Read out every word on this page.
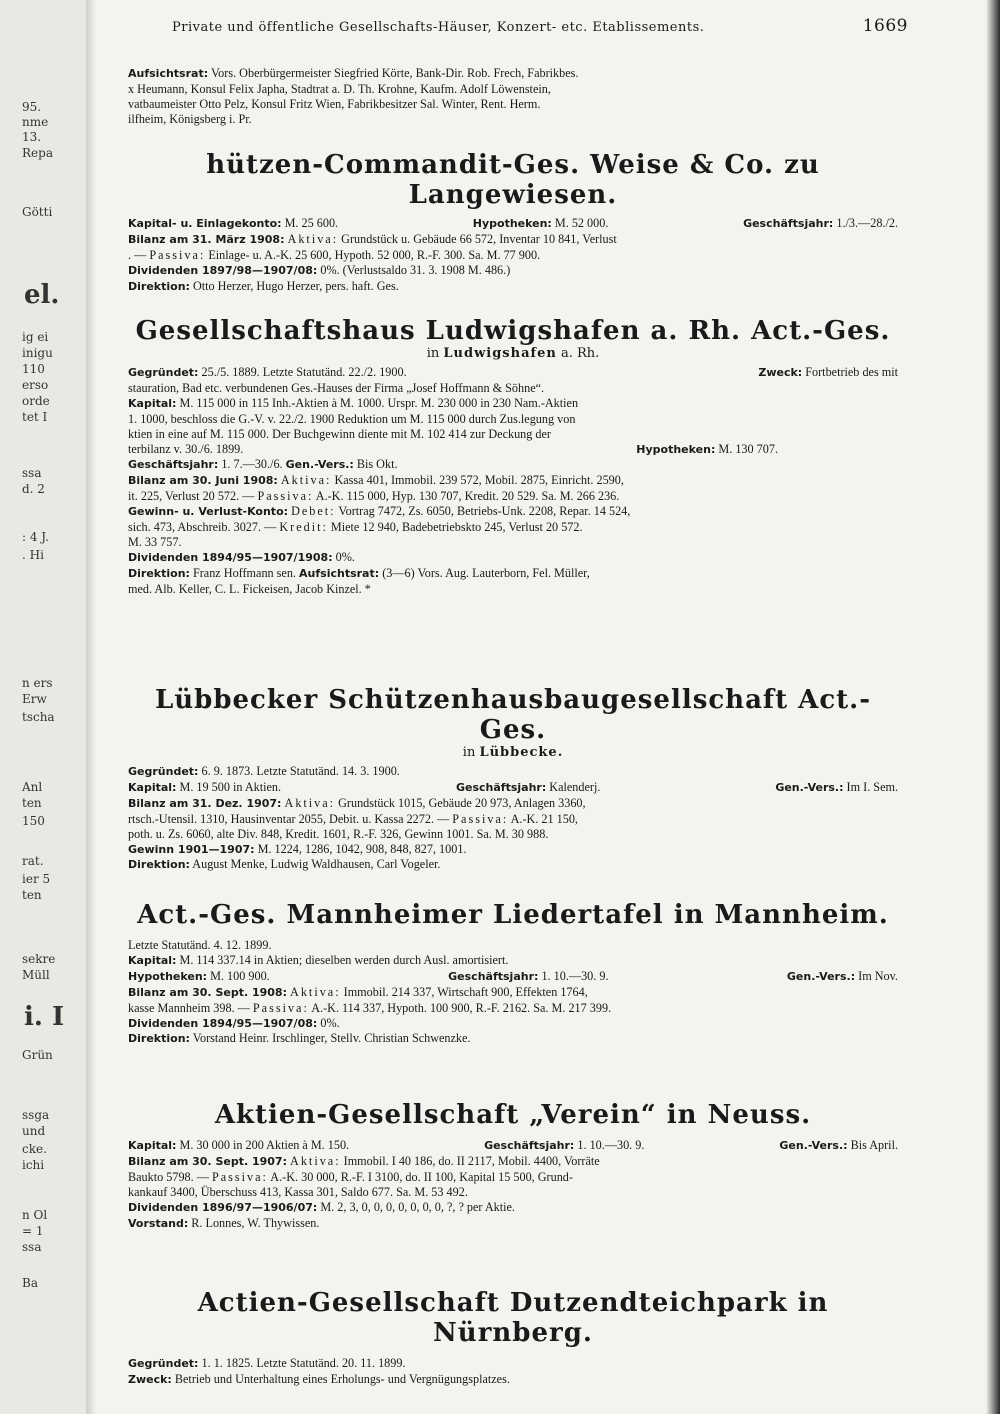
95.
nme
13.
Repa
Götti
el.
ig ei
inigu
110
erso
orde
tet I
ssa
d. 2
: 4 J.
. Hi
n ers
Erw
tscha
Anl
ten
150
rat.
ier 5
ten
sekre
Müll
i. I
Grün
ssga
und
cke.
ichi
n Ol
= 1
ssa
Ba
Private und öffentliche Gesellschafts-Häuser, Konzert- etc. Etablissements.	1669
Aufsichtsrat: Vors. Oberbürgermeister Siegfried Körte, Bank-Dir. Rob. Frech, Fabrikbes.
x Heumann, Konsul Felix Japha, Stadtrat a. D. Th. Krohne, Kaufm. Adolf Löwenstein,
vatbaumeister Otto Pelz, Konsul Fritz Wien, Fabrikbesitzer Sal. Winter, Rent. Herm.
ilfheim, Königsberg i. Pr.
hützen-Commandit-Ges. Weise & Co. zu Langewiesen.
Kapital- u. Einlagekonto: M. 25 600.	Hypotheken: M. 52 000.	Geschäftsjahr: 1./3.—28./2.
Bilanz am 31. März 1908: Aktiva: Grundstück u. Gebäude 66 572, Inventar 10 841, Verlust
. — Passiva: Einlage- u. A.-K. 25 600, Hypoth. 52 000, R.-F. 300. Sa. M. 77 900.
Dividenden 1897/98—1907/08: 0%. (Verlustsaldo 31. 3. 1908 M. 486.)
Direktion: Otto Herzer, Hugo Herzer, pers. haft. Ges.
Gesellschaftshaus Ludwigshafen a. Rh. Act.-Ges.
in Ludwigshafen a. Rh.
Gegründet: 25./5. 1889. Letzte Statutänd. 22./2. 1900.	Zweck: Fortbetrieb des mit
stauration, Bad etc. verbundenen Ges.-Hauses der Firma „Josef Hoffmann & Söhne“.
Kapital: M. 115 000 in 115 Inh.-Aktien à M. 1000. Urspr. M. 230 000 in 230 Nam.-Aktien
1. 1000, beschloss die G.-V. v. 22./2. 1900 Reduktion um M. 115 000 durch Zus.legung von
ktien in eine auf M. 115 000. Der Buchgewinn diente mit M. 102 414 zur Deckung der
terbilanz v. 30./6. 1899.	Hypotheken: M. 130 707.
Geschäftsjahr: 1. 7.—30./6. Gen.-Vers.: Bis Okt.
Bilanz am 30. Juni 1908: Aktiva: Kassa 401, Immobil. 239 572, Mobil. 2875, Einricht. 2590,
it. 225, Verlust 20 572. — Passiva: A.-K. 115 000, Hyp. 130 707, Kredit. 20 529. Sa. M. 266 236.
Gewinn- u. Verlust-Konto: Debet: Vortrag 7472, Zs. 6050, Betriebs-Unk. 2208, Repar. 14 524,
sich. 473, Abschreib. 3027. — Kredit: Miete 12 940, Badebetriebskto 245, Verlust 20 572.
M. 33 757.
Dividenden 1894/95—1907/1908: 0%.
Direktion: Franz Hoffmann sen. Aufsichtsrat: (3—6) Vors. Aug. Lauterborn, Fel. Müller,
med. Alb. Keller, C. L. Fickeisen, Jacob Kinzel. *
Lübbecker Schützenhausbaugesellschaft Act.-Ges.
in Lübbecke.
Gegründet: 6. 9. 1873. Letzte Statutänd. 14. 3. 1900.
Kapital: M. 19 500 in Aktien.	Geschäftsjahr: Kalenderj.	Gen.-Vers.: Im I. Sem.
Bilanz am 31. Dez. 1907: Aktiva: Grundstück 1015, Gebäude 20 973, Anlagen 3360,
rtsch.-Utensil. 1310, Hausinventar 2055, Debit. u. Kassa 2272. — Passiva: A.-K. 21 150,
poth. u. Zs. 6060, alte Div. 848, Kredit. 1601, R.-F. 326, Gewinn 1001. Sa. M. 30 988.
Gewinn 1901—1907: M. 1224, 1286, 1042, 908, 848, 827, 1001.
Direktion: August Menke, Ludwig Waldhausen, Carl Vogeler.
Act.-Ges. Mannheimer Liedertafel in Mannheim.
Letzte Statutänd. 4. 12. 1899.
Kapital: M. 114 337.14 in Aktien; dieselben werden durch Ausl. amortisiert.
Hypotheken: M. 100 900.	Geschäftsjahr: 1. 10.—30. 9.	Gen.-Vers.: Im Nov.
Bilanz am 30. Sept. 1908: Aktiva: Immobil. 214 337, Wirtschaft 900, Effekten 1764,
kasse Mannheim 398. — Passiva: A.-K. 114 337, Hypoth. 100 900, R.-F. 2162. Sa. M. 217 399.
Dividenden 1894/95—1907/08: 0%.
Direktion: Vorstand Heinr. Irschlinger, Stellv. Christian Schwenzke.
Aktien-Gesellschaft „Verein“ in Neuss.
Kapital: M. 30 000 in 200 Aktien à M. 150.	Geschäftsjahr: 1. 10.—30. 9.	Gen.-Vers.: Bis April.
Bilanz am 30. Sept. 1907: Aktiva: Immobil. I 40 186, do. II 2117, Mobil. 4400, Vorräte
Baukto 5798. — Passiva: A.-K. 30 000, R.-F. I 3100, do. II 100, Kapital 15 500, Grund-
kankauf 3400, Überschuss 413, Kassa 301, Saldo 677. Sa. M. 53 492.
Dividenden 1896/97—1906/07: M. 2, 3, 0, 0, 0, 0, 0, 0, 0, ?, ? per Aktie.
Vorstand: R. Lonnes, W. Thywissen.
Actien-Gesellschaft Dutzendteichpark in Nürnberg.
Gegründet: 1. 1. 1825. Letzte Statutänd. 20. 11. 1899.
Zweck: Betrieb und Unterhaltung eines Erholungs- und Vergnügungsplatzes.
